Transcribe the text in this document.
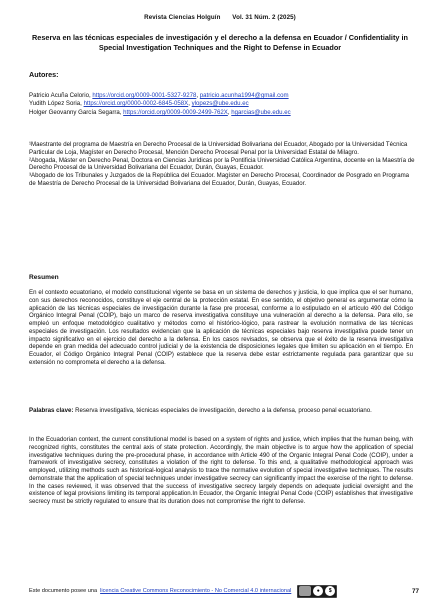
Revista Ciencias Holguín Vol. 31 Núm. 2 (2025)
Reserva en las técnicas especiales de investigación y el derecho a la defensa en Ecuador / Confidentiality in Special Investigation Techniques and the Right to Defense in Ecuador
Autores:
Patricio Acuña Celorio, https://orcid.org/0009-0001-5327-9278, patricio.acunha1994@gmail.com
Yudith López Soria, https://orcid.org/0000-0002-6845-058X, ylopezs@ube.edu.ec
Holger Geovanny García Segarra, https://orcid.org/0009-0009-2499-762X, hgarcias@ube.edu.ec
¹Maestrante del programa de Maestría en Derecho Procesal de la Universidad Bolivariana del Ecuador, Abogado por la Universidad Técnica Particular de Loja, Magíster en Derecho Procesal, Mención Derecho Procesal Penal por la Universidad Estatal de Milagro.
²Abogada, Máster en Derecho Penal, Doctora en Ciencias Jurídicas por la Pontificia Universidad Católica Argentina, docente en la Maestría de Derecho Procesal de la Universidad Bolivariana del Ecuador, Durán, Guayas, Ecuador.
³Abogado de los Tribunales y Juzgados de la República del Ecuador. Magíster en Derecho Procesal, Coordinador de Posgrado en Programa de Maestría de Derecho Procesal de la Universidad Bolivariana del Ecuador, Durán, Guayas, Ecuador.
Resumen
En el contexto ecuatoriano, el modelo constitucional vigente se basa en un sistema de derechos y justicia, lo que implica que el ser humano, con sus derechos reconocidos, constituye el eje central de la protección estatal. En ese sentido, el objetivo general es argumentar cómo la aplicación de las técnicas especiales de investigación durante la fase pre procesal, conforme a lo estipulado en el artículo 490 del Código Orgánico Integral Penal (COIP), bajo un marco de reserva investigativa constituye una vulneración al derecho a la defensa. Para ello, se empleó un enfoque metodológico cualitativo y métodos como el histórico-lógico, para rastrear la evolución normativa de las técnicas especiales de investigación. Los resultados evidencian que la aplicación de técnicas especiales bajo reserva investigativa puede tener un impacto significativo en el ejercicio del derecho a la defensa. En los casos revisados, se observa que el éxito de la reserva investigativa depende en gran medida del adecuado control judicial y de la existencia de disposiciones legales que limiten su aplicación en el tiempo. En Ecuador, el Código Orgánico Integral Penal (COIP) establece que la reserva debe estar estrictamente regulada para garantizar que su extensión no comprometa el derecho a la defensa.
Palabras clave: Reserva investigativa, técnicas especiales de investigación, derecho a la defensa, proceso penal ecuatoriano.
In the Ecuadorian context, the current constitutional model is based on a system of rights and justice, which implies that the human being, with recognized rights, constitutes the central axis of state protection. Accordingly, the main objective is to argue how the application of special investigative techniques during the pre-procedural phase, in accordance with Article 490 of the Organic Integral Penal Code (COIP), under a framework of investigative secrecy, constitutes a violation of the right to defense. To this end, a qualitative methodological approach was employed, utilizing methods such as historical-logical analysis to trace the normative evolution of special investigative techniques. The results demonstrate that the application of special techniques under investigative secrecy can significantly impact the exercise of the right to defense. In the cases reviewed, it was observed that the success of investigative secrecy largely depends on adequate judicial oversight and the existence of legal provisions limiting its temporal application.In Ecuador, the Organic Integral Penal Code (COIP) establishes that investigative secrecy must be strictly regulated to ensure that its duration does not compromise the right to defense.
Este documento posee una licencia Creative Commons Reconocimiento - No Comercial 4.0 internacional	●	$	77
